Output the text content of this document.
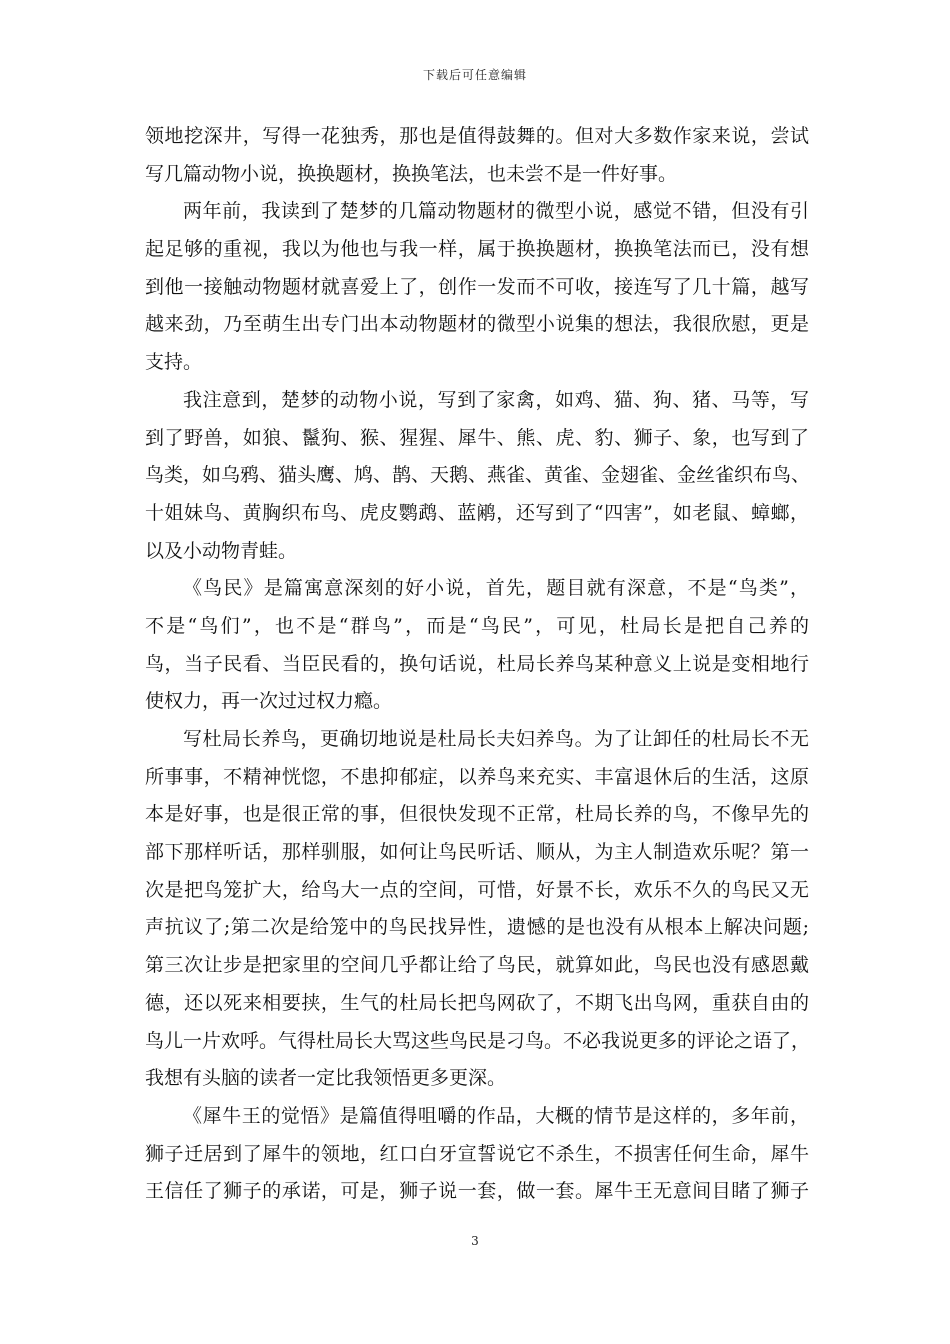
下载后可任意编辑
领地挖深井，写得一花独秀，那也是值得鼓舞的。但对大多数作家来说，尝试
写几篇动物小说，换换题材，换换笔法，也未尝不是一件好事。
两年前，我读到了楚梦的几篇动物题材的微型小说，感觉不错，但没有引
起足够的重视，我以为他也与我一样，属于换换题材，换换笔法而已，没有想
到他一接触动物题材就喜爱上了，创作一发而不可收，接连写了几十篇，越写
越来劲，乃至萌生出专门出本动物题材的微型小说集的想法，我很欣慰，更是
支持。
我注意到，楚梦的动物小说，写到了家禽，如鸡、猫、狗、猪、马等，写
到了野兽，如狼、鬣狗、猴、猩猩、犀牛、熊、虎、豹、狮子、象，也写到了
鸟类，如乌鸦、猫头鹰、鸠、鹊、天鹅、燕雀、黄雀、金翅雀、金丝雀织布鸟、
十姐妹鸟、黄胸织布鸟、虎皮鹦鹉、蓝鹇，还写到了“四害”，如老鼠、蟑螂，
以及小动物青蛙。
《鸟民》是篇寓意深刻的好小说，首先，题目就有深意，不是“鸟类”，
不是“鸟们”，也不是“群鸟”，而是“鸟民”，可见，杜局长是把自己养的
鸟，当子民看、当臣民看的，换句话说，杜局长养鸟某种意义上说是变相地行
使权力，再一次过过权力瘾。
写杜局长养鸟，更确切地说是杜局长夫妇养鸟。为了让卸任的杜局长不无
所事事，不精神恍惚，不患抑郁症，以养鸟来充实、丰富退休后的生活，这原
本是好事，也是很正常的事，但很快发现不正常，杜局长养的鸟，不像早先的
部下那样听话，那样驯服，如何让鸟民听话、顺从，为主人制造欢乐呢？第一
次是把鸟笼扩大，给鸟大一点的空间，可惜，好景不长，欢乐不久的鸟民又无
声抗议了;第二次是给笼中的鸟民找异性，遗憾的是也没有从根本上解决问题;
第三次让步是把家里的空间几乎都让给了鸟民，就算如此，鸟民也没有感恩戴
德，还以死来相要挟，生气的杜局长把鸟网砍了，不期飞出鸟网，重获自由的
鸟儿一片欢呼。气得杜局长大骂这些鸟民是刁鸟。不必我说更多的评论之语了，
我想有头脑的读者一定比我领悟更多更深。
《犀牛王的觉悟》是篇值得咀嚼的作品，大概的情节是这样的，多年前，
狮子迁居到了犀牛的领地，红口白牙宣誓说它不杀生，不损害任何生命，犀牛
王信任了狮子的承诺，可是，狮子说一套，做一套。犀牛王无意间目睹了狮子
3
